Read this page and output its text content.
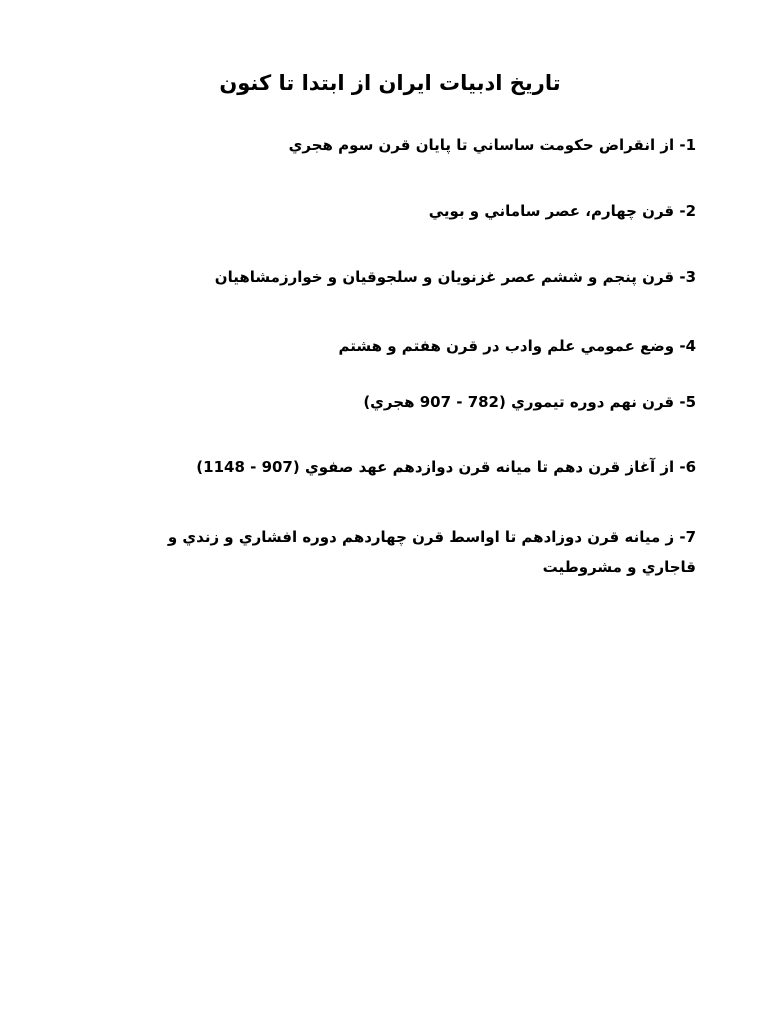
تاریخ ادبیات ایران از ابتدا تا کنون
1- از انقراض حکومت ساساني تا پايان قرن سوم هجري
2- قرن چهارم، عصر ساماني و بويي
3- قرن پنجم و ششم عصر غزنويان و سلجوقيان و خوارزمشاهيان
4- وضع عمومي علم وادب در قرن هفتم و هشتم
5- قرن نهم دوره تيموري (782 - 907 هجري)
6- از آغاز قرن دهم تا ميانه قرن دوازدهم عهد صفوي (907 - 1148)
7- ز ميانه قرن دوزادهم تا اواسط قرن چهاردهم دوره افشاري و زندي و قاجاري و مشروطيت
